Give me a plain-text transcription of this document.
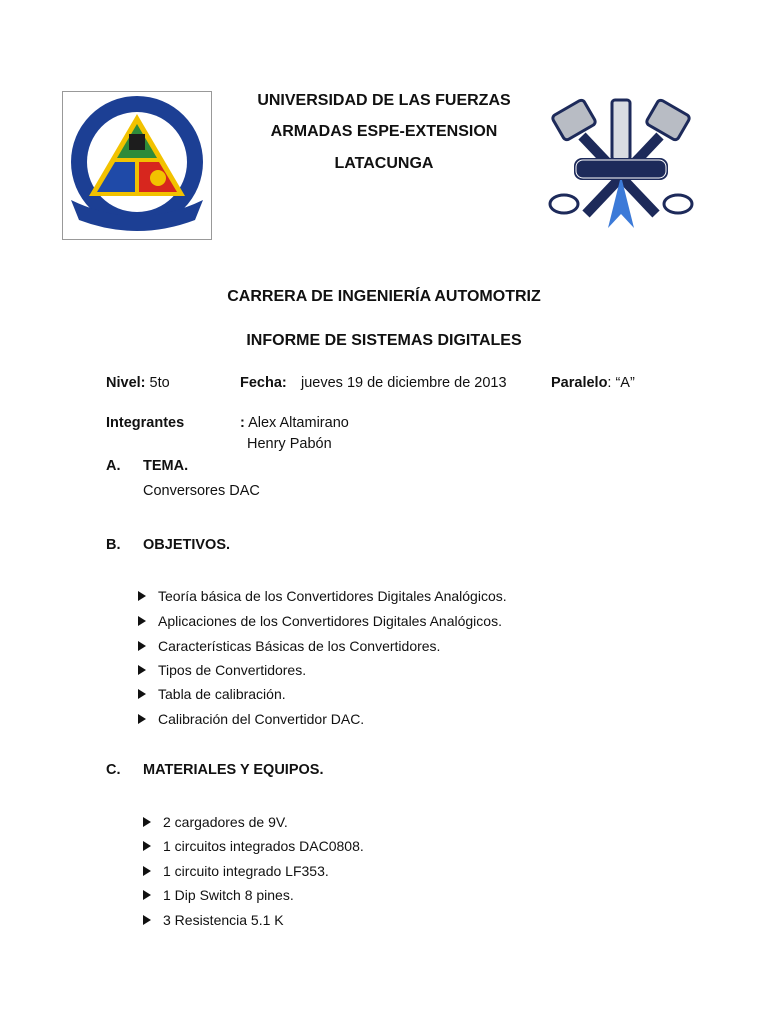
UNIVERSIDAD DE LAS FUERZAS
ARMADAS ESPE-EXTENSION
LATACUNGA
CARRERA DE INGENIERÍA AUTOMOTRIZ
INFORME DE SISTEMAS DIGITALES
Nivel: 5to	Fecha: jueves 19 de diciembre de 2013	Paralelo: “A”
Integrantes	: Alex Altamirano
Henry Pabón
A. TEMA.
Conversores DAC
B. OBJETIVOS.
Teoría básica de los Convertidores Digitales Analógicos.
Aplicaciones de los Convertidores Digitales Analógicos.
Características Básicas de los Convertidores.
Tipos de Convertidores.
Tabla de calibración.
Calibración del Convertidor DAC.
C. MATERIALES Y EQUIPOS.
2 cargadores de 9V.
1 circuitos integrados DAC0808.
1 circuito integrado LF353.
1 Dip Switch 8 pines.
3 Resistencia 5.1 K
